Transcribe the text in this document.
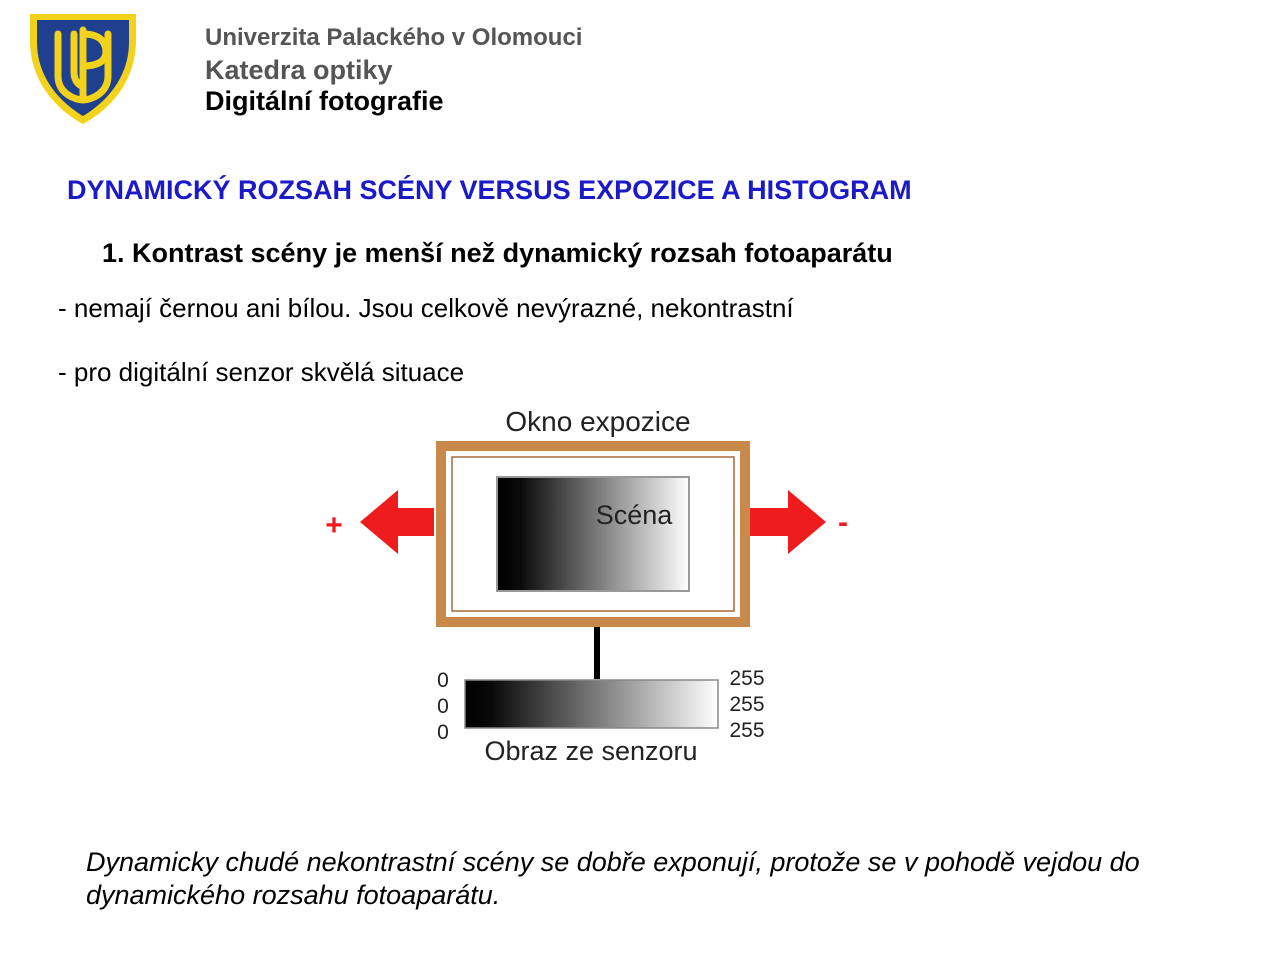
Univerzita Palackého v Olomouci
Katedra optiky
Digitální fotografie
DYNAMICKÝ ROZSAH SCÉNY VERSUS EXPOZICE A HISTOGRAM
1. Kontrast scény je menší než dynamický rozsah fotoaparátu
- nemají černou ani bílou. Jsou celkově nevýrazné, nekontrastní
- pro digitální senzor skvělá situace
Okno expozice
+	-
Scéna
0
0
0
255
255
255
Obraz ze senzoru
Dynamicky chudé nekontrastní scény se dobře exponují, protože se v pohodě vejdou do dynamického rozsahu fotoaparátu.
